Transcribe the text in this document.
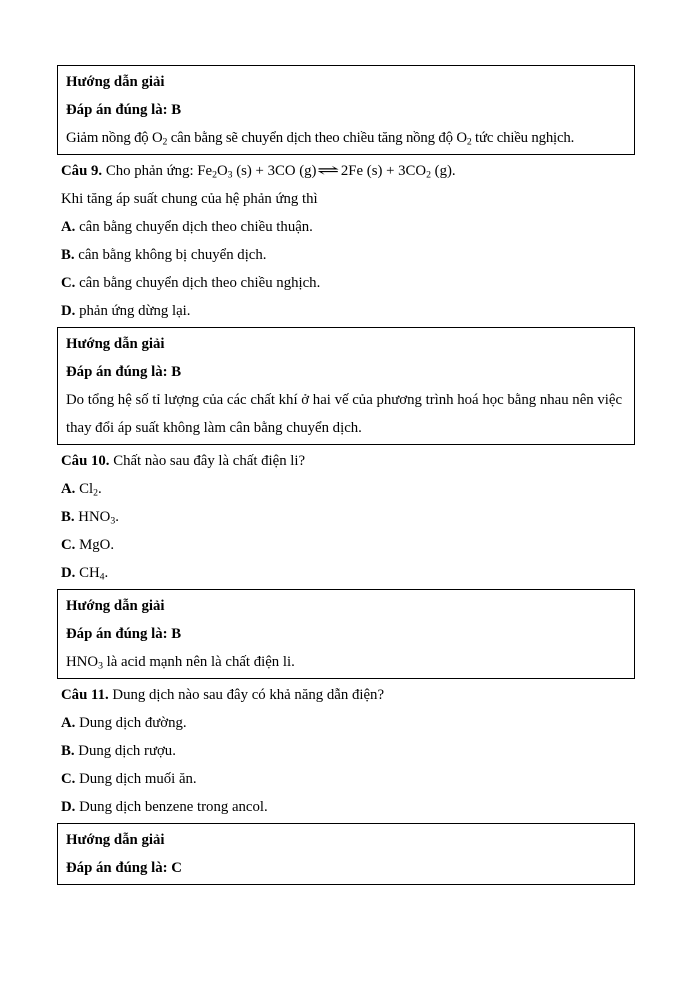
Hướng dẫn giải
Đáp án đúng là: B
Giảm nồng độ $O_2$ cân bằng sẽ chuyển dịch theo chiều tăng nồng độ $O_2$ tức chiều nghịch.
Câu 9. Cho phản ứng: $Fe_2O_3$ (s) + 3CO (g)⇌2Fe $(s) + 3CO_2$ (g).
Khi tăng áp suất chung của hệ phản ứng thì
A. cân bằng chuyển dịch theo chiều thuận.
B. cân bằng không bị chuyển dịch.
C. cân bằng chuyển dịch theo chiều nghịch.
D. phản ứng dừng lại.
Hướng dẫn giải
Đáp án đúng là: B
Do tổng hệ số tỉ lượng của các chất khí ở hai vế của phương trình hoá học bằng nhau nên việc thay đổi áp suất không làm cân bằng chuyển dịch.
Câu 10. Chất nào sau đây là chất điện li?
A. $Cl_2$.
B. $HNO_3$.
C. MgO.
D. $CH_4$.
Hướng dẫn giải
Đáp án đúng là: B
$HNO_3$ là acid mạnh nên là chất điện li.
Câu 11. Dung dịch nào sau đây có khả năng dẫn điện?
A. Dung dịch đường.
B. Dung dịch rượu.
C. Dung dịch muối ăn.
D. Dung dịch benzene trong ancol.
Hướng dẫn giải
Đáp án đúng là: C
